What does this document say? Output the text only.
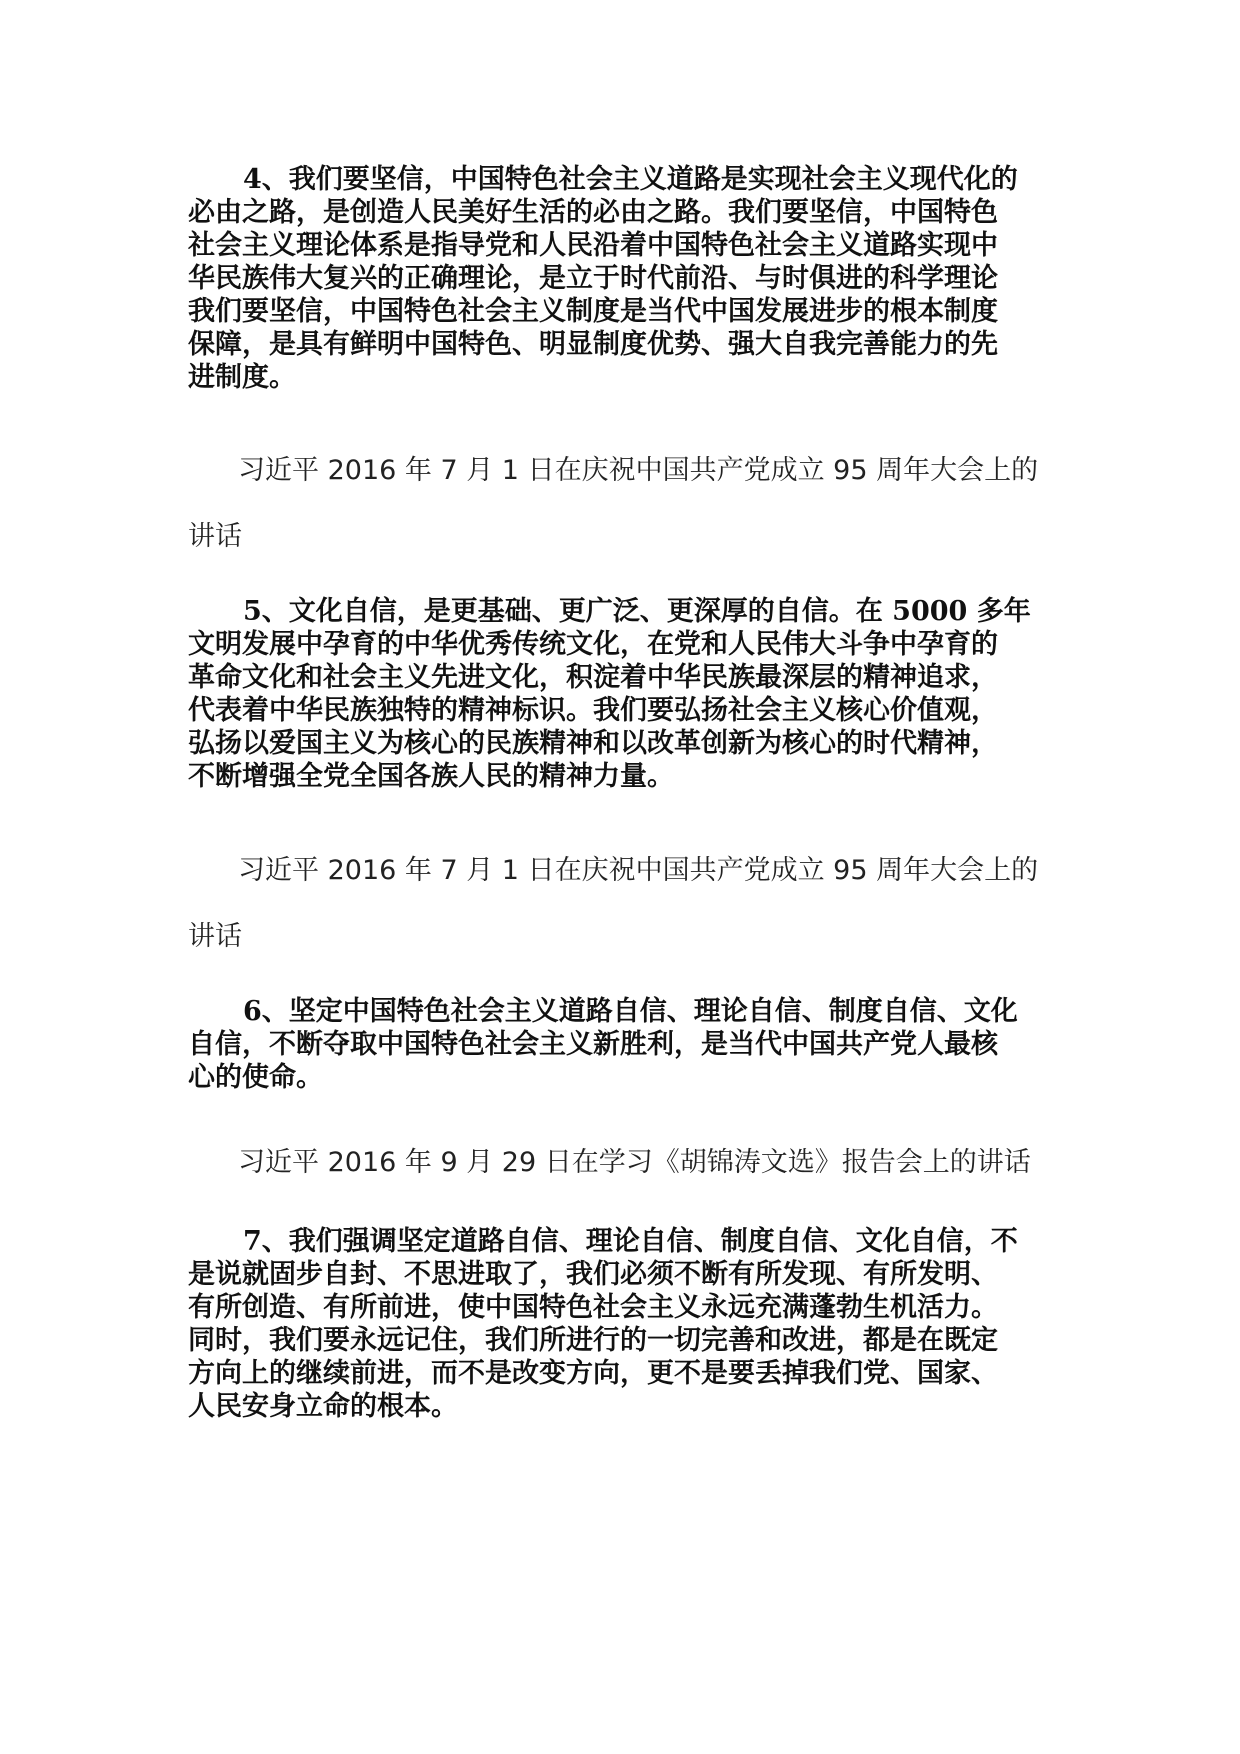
4、我们要坚信，中国特色社会主义道路是实现社会主义现代化的
必由之路，是创造人民美好生活的必由之路。我们要坚信，中国特色
社会主义理论体系是指导党和人民沿着中国特色社会主义道路实现中
华民族伟大复兴的正确理论，是立于时代前沿、与时俱进的科学理论
我们要坚信，中国特色社会主义制度是当代中国发展进步的根本制度
保障，是具有鲜明中国特色、明显制度优势、强大自我完善能力的先
进制度。

习近平 2016 年 7 月 1 日在庆祝中国共产党成立 95 周年大会上的
讲话

5、文化自信，是更基础、更广泛、更深厚的自信。在 5000 多年
文明发展中孕育的中华优秀传统文化，在党和人民伟大斗争中孕育的
革命文化和社会主义先进文化，积淀着中华民族最深层的精神追求，
代表着中华民族独特的精神标识。我们要弘扬社会主义核心价值观，
弘扬以爱国主义为核心的民族精神和以改革创新为核心的时代精神，
不断增强全党全国各族人民的精神力量。

习近平 2016 年 7 月 1 日在庆祝中国共产党成立 95 周年大会上的
讲话

6、坚定中国特色社会主义道路自信、理论自信、制度自信、文化
自信，不断夺取中国特色社会主义新胜利，是当代中国共产党人最核
心的使命。

习近平 2016 年 9 月 29 日在学习《胡锦涛文选》报告会上的讲话

7、我们强调坚定道路自信、理论自信、制度自信、文化自信，不
是说就固步自封、不思进取了，我们必须不断有所发现、有所发明、
有所创造、有所前进，使中国特色社会主义永远充满蓬勃生机活力。
同时，我们要永远记住，我们所进行的一切完善和改进，都是在既定
方向上的继续前进，而不是改变方向，更不是要丢掉我们党、国家、
人民安身立命的根本。
